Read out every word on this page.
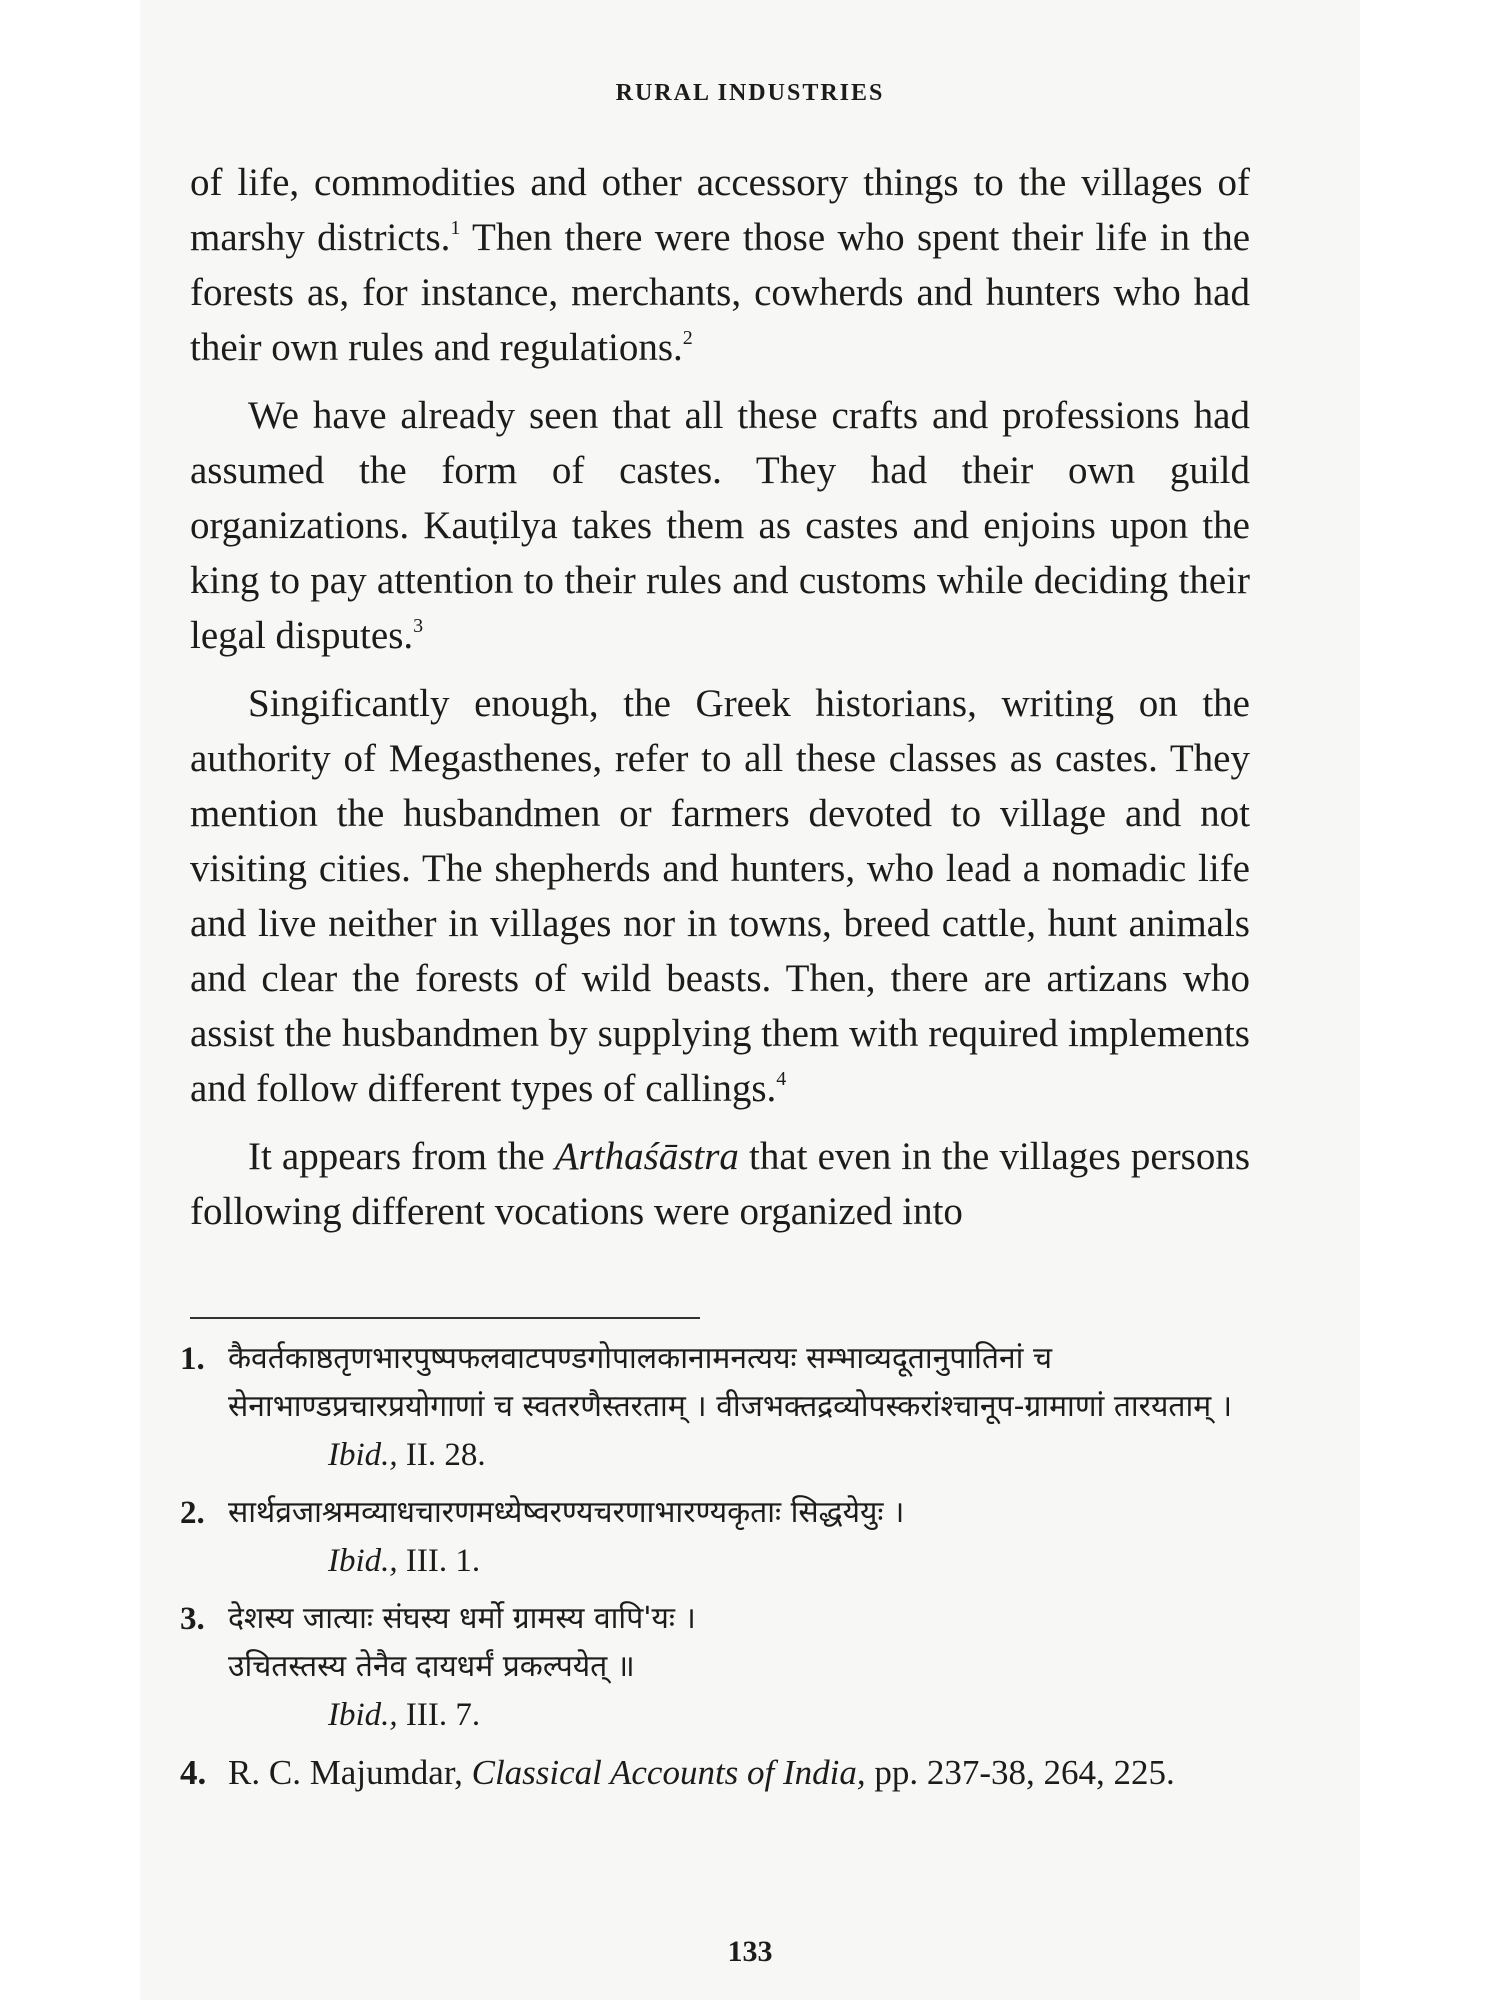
RURAL INDUSTRIES

of life, commodities and other accessory things to the villages of marshy districts.$^1$ Then there were those who spent their life in the forests as, for instance, merchants, cowherds and hunters who had their own rules and regulations.$^2$

We have already seen that all these crafts and professions had assumed the form of castes. They had their own guild organizations. Kauṭilya takes them as castes and enjoins upon the king to pay attention to their rules and customs while deciding their legal disputes.$^3$

Singificantly enough, the Greek historians, writing on the authority of Megasthenes, refer to all these classes as castes. They mention the husbandmen or farmers devoted to village and not visiting cities. The shepherds and hunters, who lead a nomadic life and live neither in villages nor in towns, breed cattle, hunt animals and clear the forests of wild beasts. Then, there are artizans who assist the husbandmen by supplying them with required implements and follow different types of callings.$^4$

It appears from the Arthaśāstra that even in the villages persons following different vocations were organized into

1. कैवर्तकाष्ठतृणभारपुष्पफलवाटपण्डगोपालकानामनत्ययः सम्भाव्यदूतानुपातिनां च सेनाभाण्डप्रचारप्रयोगाणां च स्वतरणैस्तरताम् । वीजभक्तद्रव्योपस्करांश्चानूप-ग्रामाणां तारयताम् ।
Ibid., II. 28.
2. सार्थव्रजाश्रमव्याधचारणमध्येष्वरण्यचरणाभारण्यकृताः सिद्धयेयुः ।
Ibid., III. 1.
3. देशस्य जात्याः संघस्य धर्मो ग्रामस्य वापि'यः ।
उचितस्तस्य तेनैव दायधर्मं प्रकल्पयेत् ॥
Ibid., III. 7.
4. R. C. Majumdar, Classical Accounts of India, pp. 237-38, 264, 225.
133
